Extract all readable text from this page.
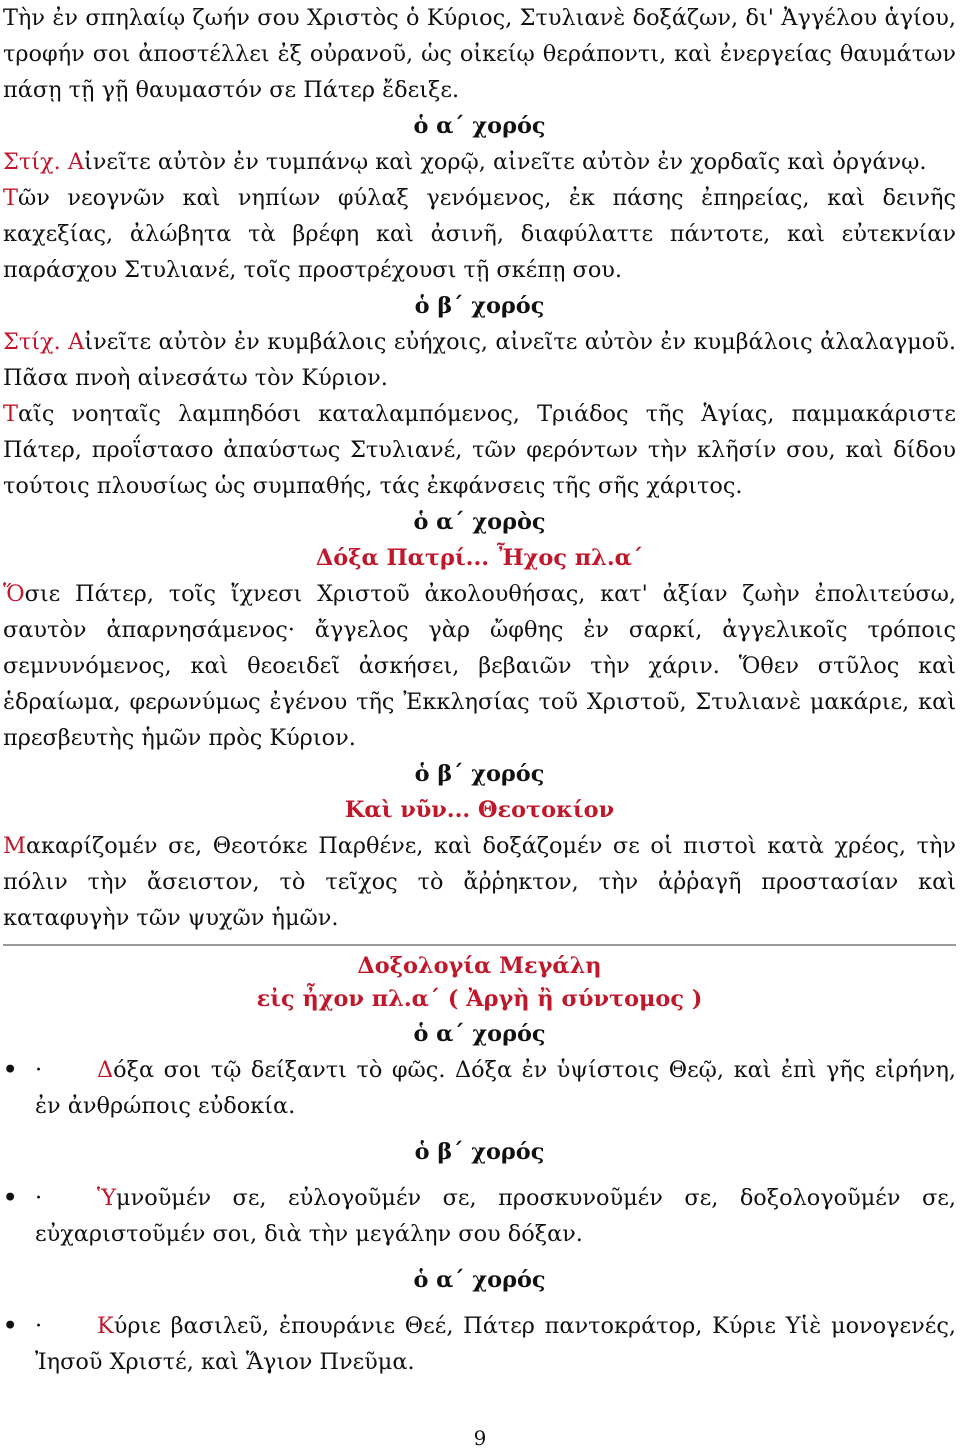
Τὴν ἐν σπηλαίῳ ζωήν σου Χριστὸς ὁ Κύριος, Στυλιανὲ δοξάζων, δι' Ἀγγέλου ἁγίου, τροφήν σοι ἀποστέλλει ἐξ οὐρανοῦ, ὡς οἰκείῳ θεράποντι, καὶ ἐνεργείας θαυμάτων πάσῃ τῇ γῇ θαυμαστόν σε Πάτερ ἔδειξε.

ὁ α΄ χορός

Στίχ. Αἰνεῖτε αὐτὸν ἐν τυμπάνῳ καὶ χορῷ, αἰνεῖτε αὐτὸν ἐν χορδαῖς καὶ ὀργάνῳ.

Τῶν νεογνῶν καὶ νηπίων φύλαξ γενόμενος, ἐκ πάσης ἐπηρείας, καὶ δεινῆς καχεξίας, ἀλώβητα τὰ βρέφη καὶ ἀσινῆ, διαφύλαττε πάντοτε, καὶ εὐτεκνίαν παράσχου Στυλιανέ, τοῖς προστρέχουσι τῇ σκέπῃ σου.

ὁ β΄ χορός

Στίχ. Αἰνεῖτε αὐτὸν ἐν κυμβάλοις εὐήχοις, αἰνεῖτε αὐτὸν ἐν κυμβάλοις ἀλαλαγμοῦ. Πᾶσα πνοὴ αἰνεσάτω τὸν Κύριον.

Ταῖς νοηταῖς λαμπηδόσι καταλαμπόμενος, Τριάδος τῆς Ἁγίας, παμμακάριστε Πάτερ, προΐστασο ἀπαύστως Στυλιανέ, τῶν φερόντων τὴν κλῆσίν σου, καὶ δίδου τούτοις πλουσίως ὡς συμπαθής, τάς ἐκφάνσεις τῆς σῆς χάριτος.

ὁ α΄ χορὸς

Δόξα Πατρί... Ἦχος πλ.α΄

Ὅσιε Πάτερ, τοῖς ἴχνεσι Χριστοῦ ἀκολουθήσας, κατ' ἀξίαν ζωὴν ἐπολιτεύσω, σαυτὸν ἀπαρνησάμενος· ἄγγελος γὰρ ὤφθης ἐν σαρκί, ἀγγελικοῖς τρόποις σεμνυνόμενος, καὶ θεοειδεῖ ἀσκήσει, βεβαιῶν τὴν χάριν. Ὅθεν στῦλος καὶ ἑδραίωμα, φερωνύμως ἐγένου τῆς Ἐκκλησίας τοῦ Χριστοῦ, Στυλιανὲ μακάριε, καὶ πρεσβευτὴς ἡμῶν πρὸς Κύριον.

ὁ β΄ χορός

Καὶ νῦν... Θεοτοκίον

Μακαρίζομέν σε, Θεοτόκε Παρθένε, καὶ δοξάζομέν σε οἱ πιστοὶ κατὰ χρέος, τὴν πόλιν τὴν ἄσειστον, τὸ τεῖχος τὸ ἄῤῥηκτον, τὴν ἀῤῥαγῆ προστασίαν καὶ καταφυγὴν τῶν ψυχῶν ἡμῶν.

Δοξολογία Μεγάλη

εἰς ἦχον πλ.α΄ ( Ἀργὴ ἢ σύντομος )

ὁ α΄ χορός

• · Δόξα σοι τῷ δείξαντι τὸ φῶς. Δόξα ἐν ὑψίστοις Θεῷ, καὶ ἐπὶ γῆς εἰρήνη, ἐν ἀνθρώποις εὐδοκία.

ὁ β΄ χορός

• · Ὑμνοῦμέν σε, εὐλογοῦμέν σε, προσκυνοῦμέν σε, δοξολογοῦμέν σε, εὐχαριστοῦμέν σοι, διὰ τὴν μεγάλην σου δόξαν.

ὁ α΄ χορός

• · Κύριε βασιλεῦ, ἐπουράνιε Θεέ, Πάτερ παντοκράτορ, Κύριε Υἱὲ μονογενές, Ἰησοῦ Χριστέ, καὶ Ἅγιον Πνεῦμα.

9
